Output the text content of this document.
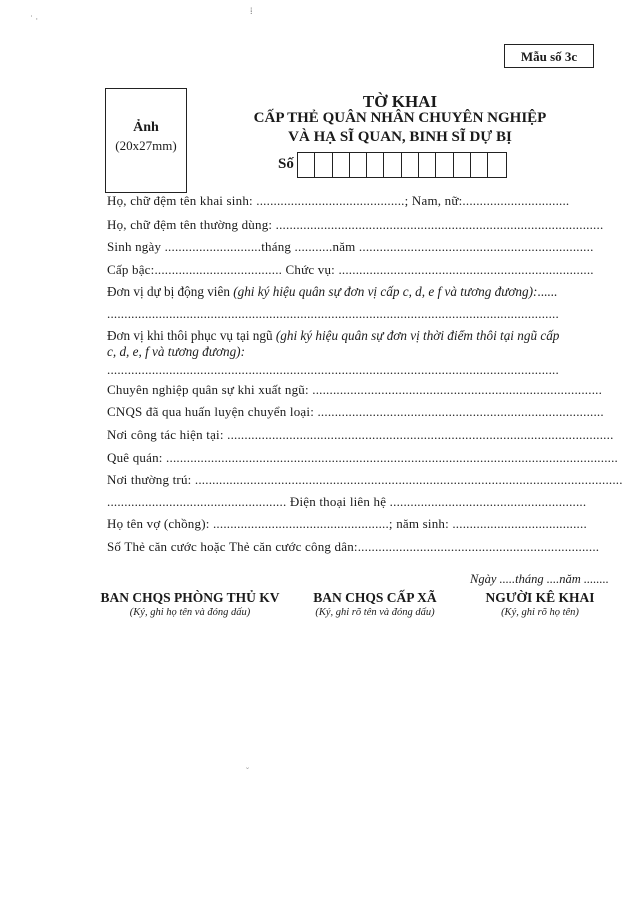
Mẫu số 3c
Ảnh
(20x27mm)
TỜ KHAI
CẤP THẺ QUÂN NHÂN CHUYÊN NGHIỆP
VÀ HẠ SĨ QUAN, BINH SĨ DỰ BỊ
Số
Họ, chữ đệm tên khai sinh: ...........................................; Nam, nữ:...............................
Họ, chữ đệm tên thường dùng: ...............................................................................................
Sinh ngày ............................tháng ...........năm ....................................................................
Cấp bậc:..................................... Chức vụ: ..........................................................................
Đơn vị dự bị động viên (ghi ký hiệu quân sự đơn vị cấp c, d, e f và tương đương):......
...................................................................................................................................
Đơn vị khi thôi phục vụ tại ngũ (ghi ký hiệu quân sự đơn vị thời điểm thôi tại ngũ cấp
c, d, e, f và tương đương):
...................................................................................................................................
Chuyên nghiệp quân sự khi xuất ngũ: ....................................................................................
CNQS đã qua huấn luyện chuyển loại: ...................................................................................
Nơi công tác hiện tại: ................................................................................................................
Quê quán: ...................................................................................................................................
Nơi thường trú: ............................................................................................................................
.................................................... Điện thoại liên hệ .........................................................
Họ tên vợ (chồng): ...................................................; năm sinh: .......................................
Số Thẻ căn cước hoặc Thẻ căn cước công dân:......................................................................
Ngày .....tháng ....năm ........
BAN CHQS PHÒNG THỦ KV
(Ký, ghi họ tên và đóng dấu)
BAN CHQS CẤP XÃ
(Ký, ghi rõ tên và đóng dấu)
NGƯỜI KÊ KHAI
(Ký, ghi rõ họ tên)
˙ ·
⁞
˘
